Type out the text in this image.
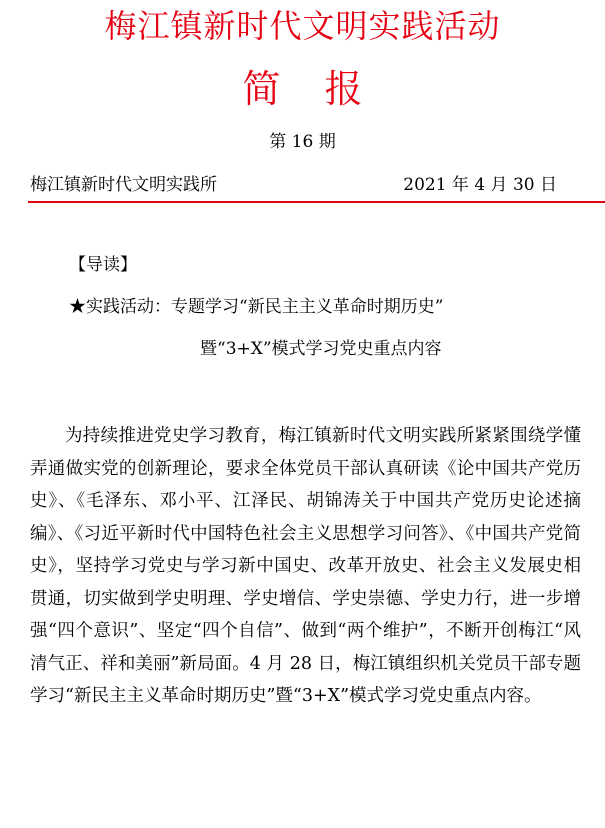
梅江镇新时代文明实践活动
简报
第 16 期
梅江镇新时代文明实践所	2021 年 4 月 30 日
【导读】
★实践活动：专题学习“新民主主义革命时期历史”
暨“3+X”模式学习党史重点内容

为持续推进党史学习教育，梅江镇新时代文明实践所紧紧围绕学懂弄通做实党的创新理论，要求全体党员干部认真研读《论中国共产党历史》、《毛泽东、邓小平、江泽民、胡锦涛关于中国共产党历史论述摘编》、《习近平新时代中国特色社会主义思想学习问答》、《中国共产党简史》，坚持学习党史与学习新中国史、改革开放史、社会主义发展史相贯通，切实做到学史明理、学史增信、学史崇德、学史力行，进一步增强“四个意识”、坚定“四个自信”、做到“两个维护”，不断开创梅江“风清气正、祥和美丽”新局面。4 月 28 日，梅江镇组织机关党员干部专题学习“新民主主义革命时期历史”暨“3+X”模式学习党史重点内容。
